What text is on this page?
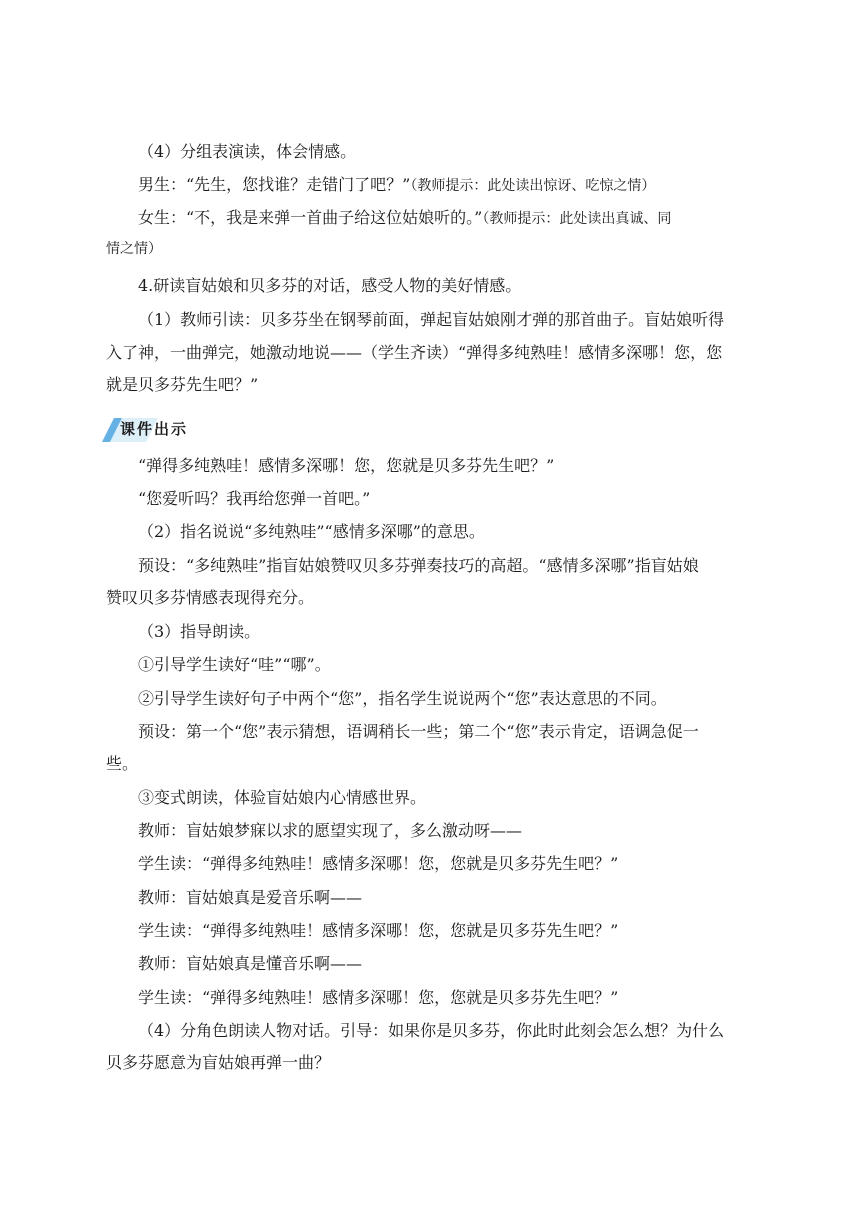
（4）分组表演读，体会情感。
男生：“先生，您找谁？走错门了吧？”（教师提示：此处读出惊讶、吃惊之情）
女生：“不，我是来弹一首曲子给这位姑娘听的。”（教师提示：此处读出真诚、同
情之情）
4.研读盲姑娘和贝多芬的对话，感受人物的美好情感。
（1）教师引读：贝多芬坐在钢琴前面，弹起盲姑娘刚才弹的那首曲子。盲姑娘听得
入了神，一曲弹完，她激动地说——（学生齐读）“弹得多纯熟哇！感情多深哪！您，您
就是贝多芬先生吧？”
课件出示
“弹得多纯熟哇！感情多深哪！您，您就是贝多芬先生吧？”
“您爱听吗？我再给您弹一首吧。”
（2）指名说说“多纯熟哇”“感情多深哪”的意思。
预设：“多纯熟哇”指盲姑娘赞叹贝多芬弹奏技巧的高超。“感情多深哪”指盲姑娘
赞叹贝多芬情感表现得充分。
（3）指导朗读。
①引导学生读好“哇”“哪”。
②引导学生读好句子中两个“您”，指名学生说说两个“您”表达意思的不同。
预设：第一个“您”表示猜想，语调稍长一些；第二个“您”表示肯定，语调急促一
些。
③变式朗读，体验盲姑娘内心情感世界。
教师：盲姑娘梦寐以求的愿望实现了，多么激动呀——
学生读：“弹得多纯熟哇！感情多深哪！您，您就是贝多芬先生吧？”
教师：盲姑娘真是爱音乐啊——
学生读：“弹得多纯熟哇！感情多深哪！您，您就是贝多芬先生吧？”
教师：盲姑娘真是懂音乐啊——
学生读：“弹得多纯熟哇！感情多深哪！您，您就是贝多芬先生吧？”
（4）分角色朗读人物对话。引导：如果你是贝多芬，你此时此刻会怎么想？为什么
贝多芬愿意为盲姑娘再弹一曲？
